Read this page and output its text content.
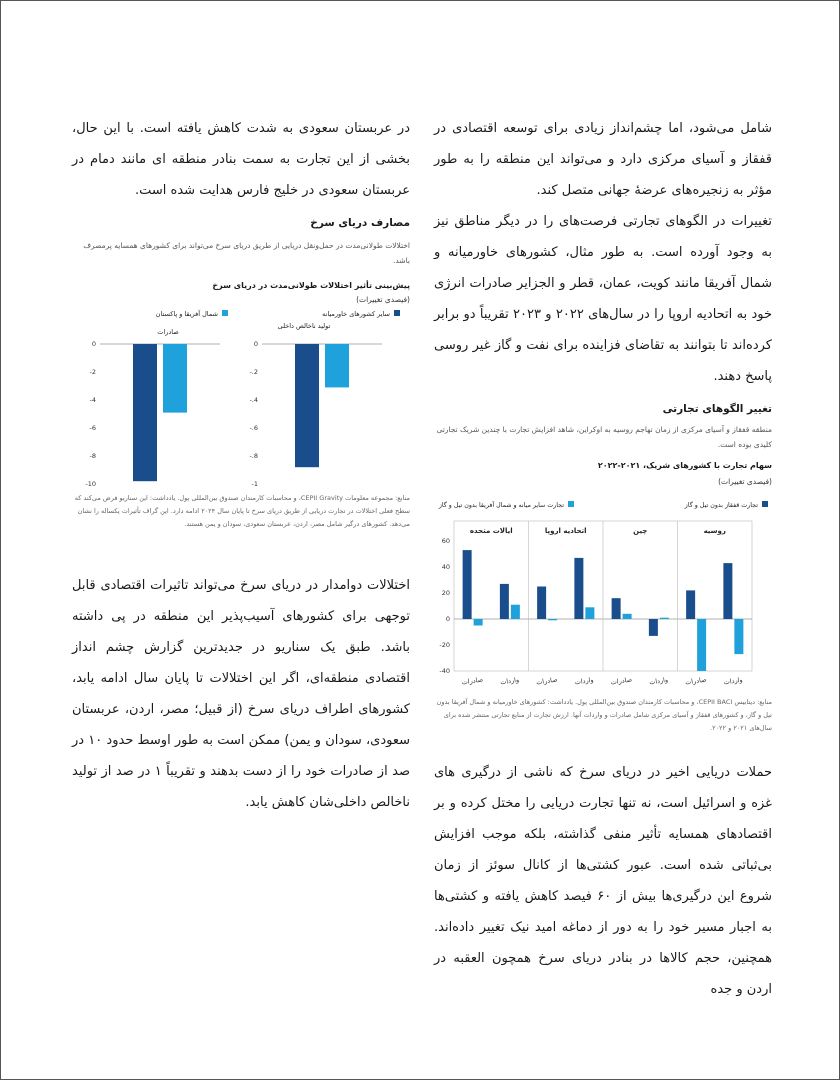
شامل می‌شود، اما چشم‌انداز زیادی برای توسعه اقتصادی در قفقاز و آسیای مرکزی دارد و می‌تواند این منطقه را به طور مؤثر به زنجیره‌های عرضهٔ جهانی متصل کند.

تغییرات در الگوهای تجارتی فرصت‌های را در دیگر مناطق نیز به وجود آورده است. به طور مثال، کشورهای خاورمیانه و شمال آفریقا مانند کویت، عمان، قطر و الجزایر صادرات انرژی خود به اتحادیه اروپا را در سال‌های ۲۰۲۲ و ۲۰۲۳ تقریباً دو برابر کرده‌اند تا بتوانند به تقاضای فزاینده برای نفت و گاز غیر روسی پاسخ دهند.

حملات دریایی اخیر در دریای سرخ که ناشی از درگیری های غزه و اسرائیل است، نه تنها تجارت دریایی را مختل کرده و بر اقتصادهای همسایه تأثیر منفی گذاشته، بلکه موجب افزایش بی‌ثباتی شده است. عبور کشتی‌ها از کانال سوئز از زمان شروع این درگیری‌ها بیش از ۶۰ فیصد کاهش یافته و کشتی‌ها به اجبار مسیر خود را به دور از دماغه امید نیک تغییر داده‌اند. همچنین، حجم کالاها در بنادر دریای سرخ همچون العقبه در اردن و جده

در عربستان سعودی به شدت کاهش یافته است. با این حال، بخشی از این تجارت به سمت بنادر منطقه ای مانند دمام در عربستان سعودی در خلیج فارس هدایت شده است.

اختلالات دوامدار در دریای سرخ می‌تواند تاثیرات اقتصادی قابل توجهی برای کشورهای آسیب‌پذیر این منطقه در پی داشته باشد. طبق یک سناریو در جدیدترین گزارش چشم انداز اقتصادی منطقه‌ای، اگر این اختلالات تا پایان سال ادامه یابد، کشورهای اطراف دریای سرخ (از قبیل؛ مصر، اردن، عربستان سعودی، سودان و یمن) ممکن است به طور اوسط حدود ۱۰ در صد از صادرات خود را از دست بدهند و تقریباً ۱ در صد از تولید ناخالص داخلی‌شان کاهش یابد.

مصارف دریای سرخ

اختلالات طولانی‌مدت در حمل‌ونقل دریایی از طریق دریای سرخ می‌تواند برای کشورهای همسایه پرمصرف باشد.

پیش‌بینی تأثیر اختلالات طولانی‌مدت در دریای سرخ

(فیصدی تغییرات)

سایر کشورهای خاورمیانه
شمال آفریقا و پاکستان
0
-2
-4
-6
-8
-10
صادرات
0
-.2
-.4
-.6
-.8
-1
تولید ناخالص داخلی

منابع: مجموعه معلومات CEPII Gravity، و محاسبات کارمندان صندوق بین‌المللی پول. یادداشت: این سناریو فرض می‌کند که سطح فعلی اختلالات در تجارت دریایی از طریق دریای سرخ تا پایان سال ۲۰۲۴ ادامه دارد. این گراف تأثیرات یکساله را نشان می‌دهد. کشورهای درگیر شامل مصر، اردن، عربستان سعودی، سودان و یمن هستند.

تغییر الگوهای تجارتی

منطقه قفقاز و آسیای مرکزی از زمان تهاجم روسیه به اوکراین، شاهد افزایش تجارت با چندین شریک تجارتی کلیدی بوده است.

سهام تجارت با کشورهای شریک، ۲۰۲۱-۲۰۲۲

(فیصدی تغییرات)

تجارت قفقاز بدون تیل و گاز
تجارت سایر میانه و شمال آفریقا بدون تیل و گاز
60
40
20
0
-20
-40
ایالات متحده	اتحادیه اروپا	چین	روسیه
صادرات واردات صادرات واردات صادرات واردات صادرات واردات

منابع: دیتابیس CEPII BACI، و محاسبات کارمندان صندوق بین‌المللی پول. یادداشت: کشورهای خاورمیانه و شمال آفریقا بدون تیل و گاز، و کشورهای قفقاز و آسیای مرکزی شامل صادرات و واردات آنها. ارزش تجارت از منابع تجارتی منتشر شده برای سال‌های ۲۰۲۱ و ۲۰۲۲.
